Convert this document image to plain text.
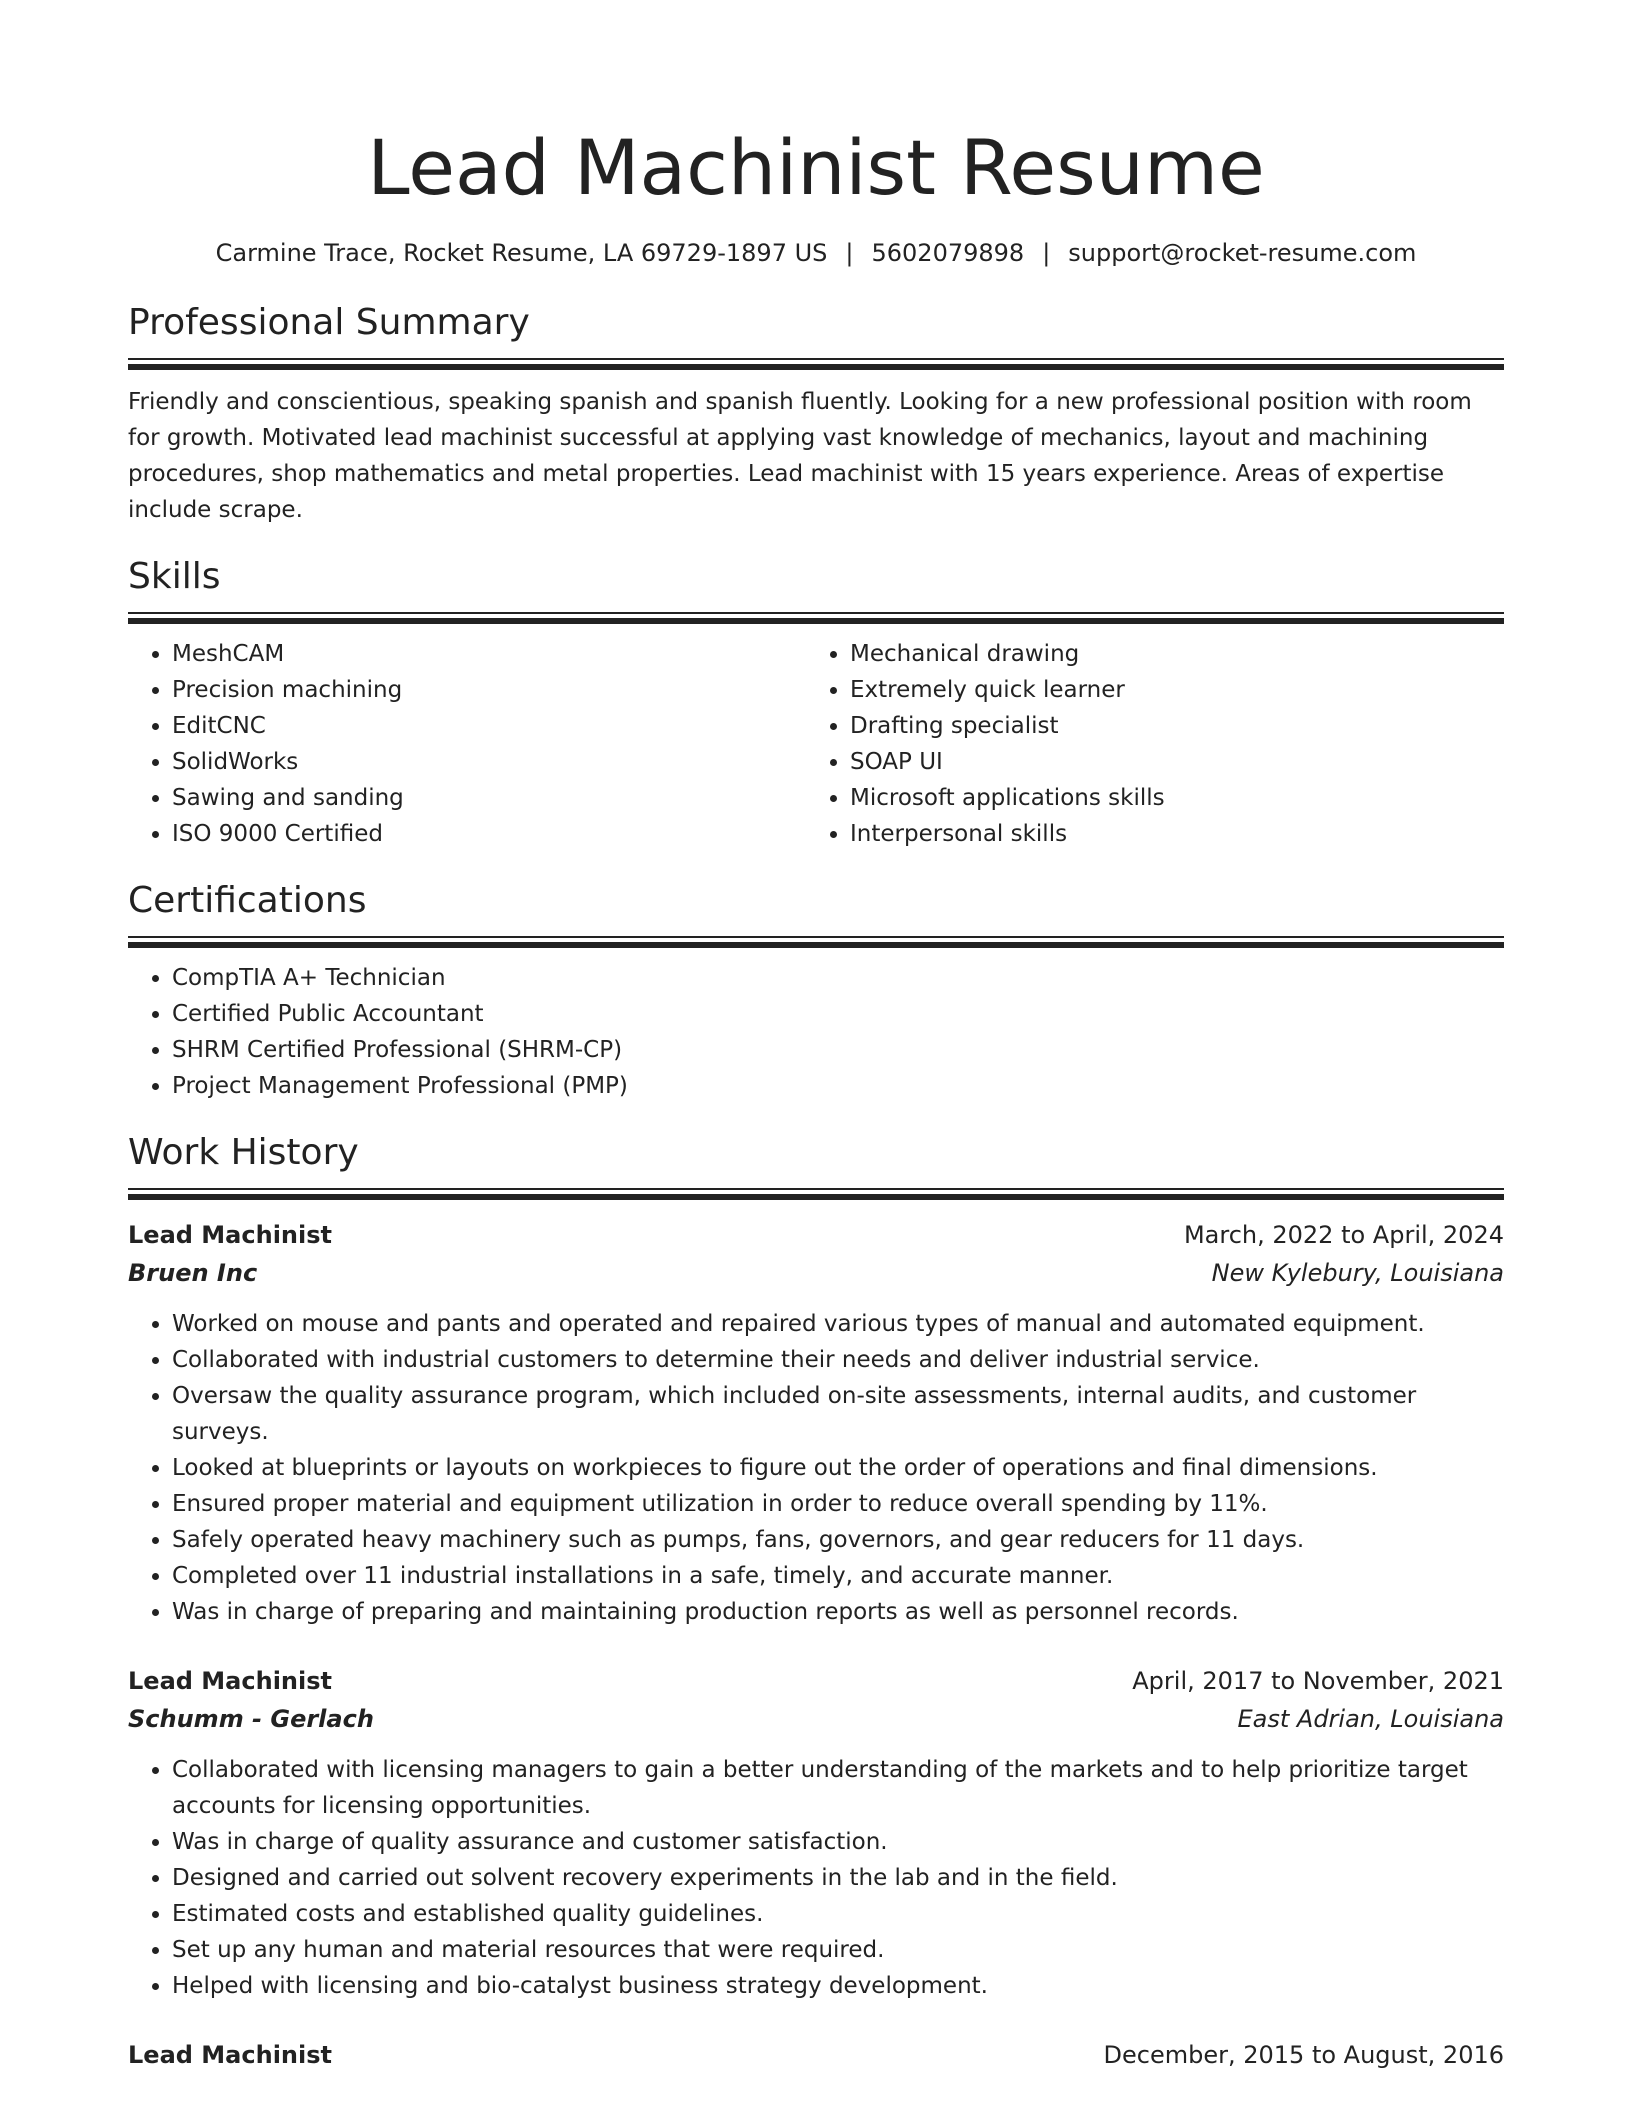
Lead Machinist Resume
Carmine Trace, Rocket Resume, LA 69729-1897 US | 5602079898 | support@rocket-resume.com
Professional Summary

Friendly and conscientious, speaking spanish and spanish fluently. Looking for a new professional position with room for growth. Motivated lead machinist successful at applying vast knowledge of mechanics, layout and machining procedures, shop mathematics and metal properties. Lead machinist with 15 years experience. Areas of expertise include scrape.

Skills
• MeshCAM
• Precision machining
• EditCNC
• SolidWorks
• Sawing and sanding
• ISO 9000 Certified
• Mechanical drawing
• Extremely quick learner
• Drafting specialist
• SOAP UI
• Microsoft applications skills
• Interpersonal skills
Certifications
• CompTIA A+ Technician
• Certified Public Accountant
• SHRM Certified Professional (SHRM-CP)
• Project Management Professional (PMP)
Work History
Lead Machinist	March, 2022 to April, 2024
Bruen Inc	New Kylebury, Louisiana
• Worked on mouse and pants and operated and repaired various types of manual and automated equipment.
• Collaborated with industrial customers to determine their needs and deliver industrial service.
• Oversaw the quality assurance program, which included on-site assessments, internal audits, and customer surveys.
• Looked at blueprints or layouts on workpieces to figure out the order of operations and final dimensions.
• Ensured proper material and equipment utilization in order to reduce overall spending by 11%.
• Safely operated heavy machinery such as pumps, fans, governors, and gear reducers for 11 days.
• Completed over 11 industrial installations in a safe, timely, and accurate manner.
• Was in charge of preparing and maintaining production reports as well as personnel records.
Lead Machinist	April, 2017 to November, 2021
Schumm - Gerlach	East Adrian, Louisiana
• Collaborated with licensing managers to gain a better understanding of the markets and to help prioritize target accounts for licensing opportunities.
• Was in charge of quality assurance and customer satisfaction.
• Designed and carried out solvent recovery experiments in the lab and in the field.
• Estimated costs and established quality guidelines.
• Set up any human and material resources that were required.
• Helped with licensing and bio-catalyst business strategy development.
Lead Machinist	December, 2015 to August, 2016
